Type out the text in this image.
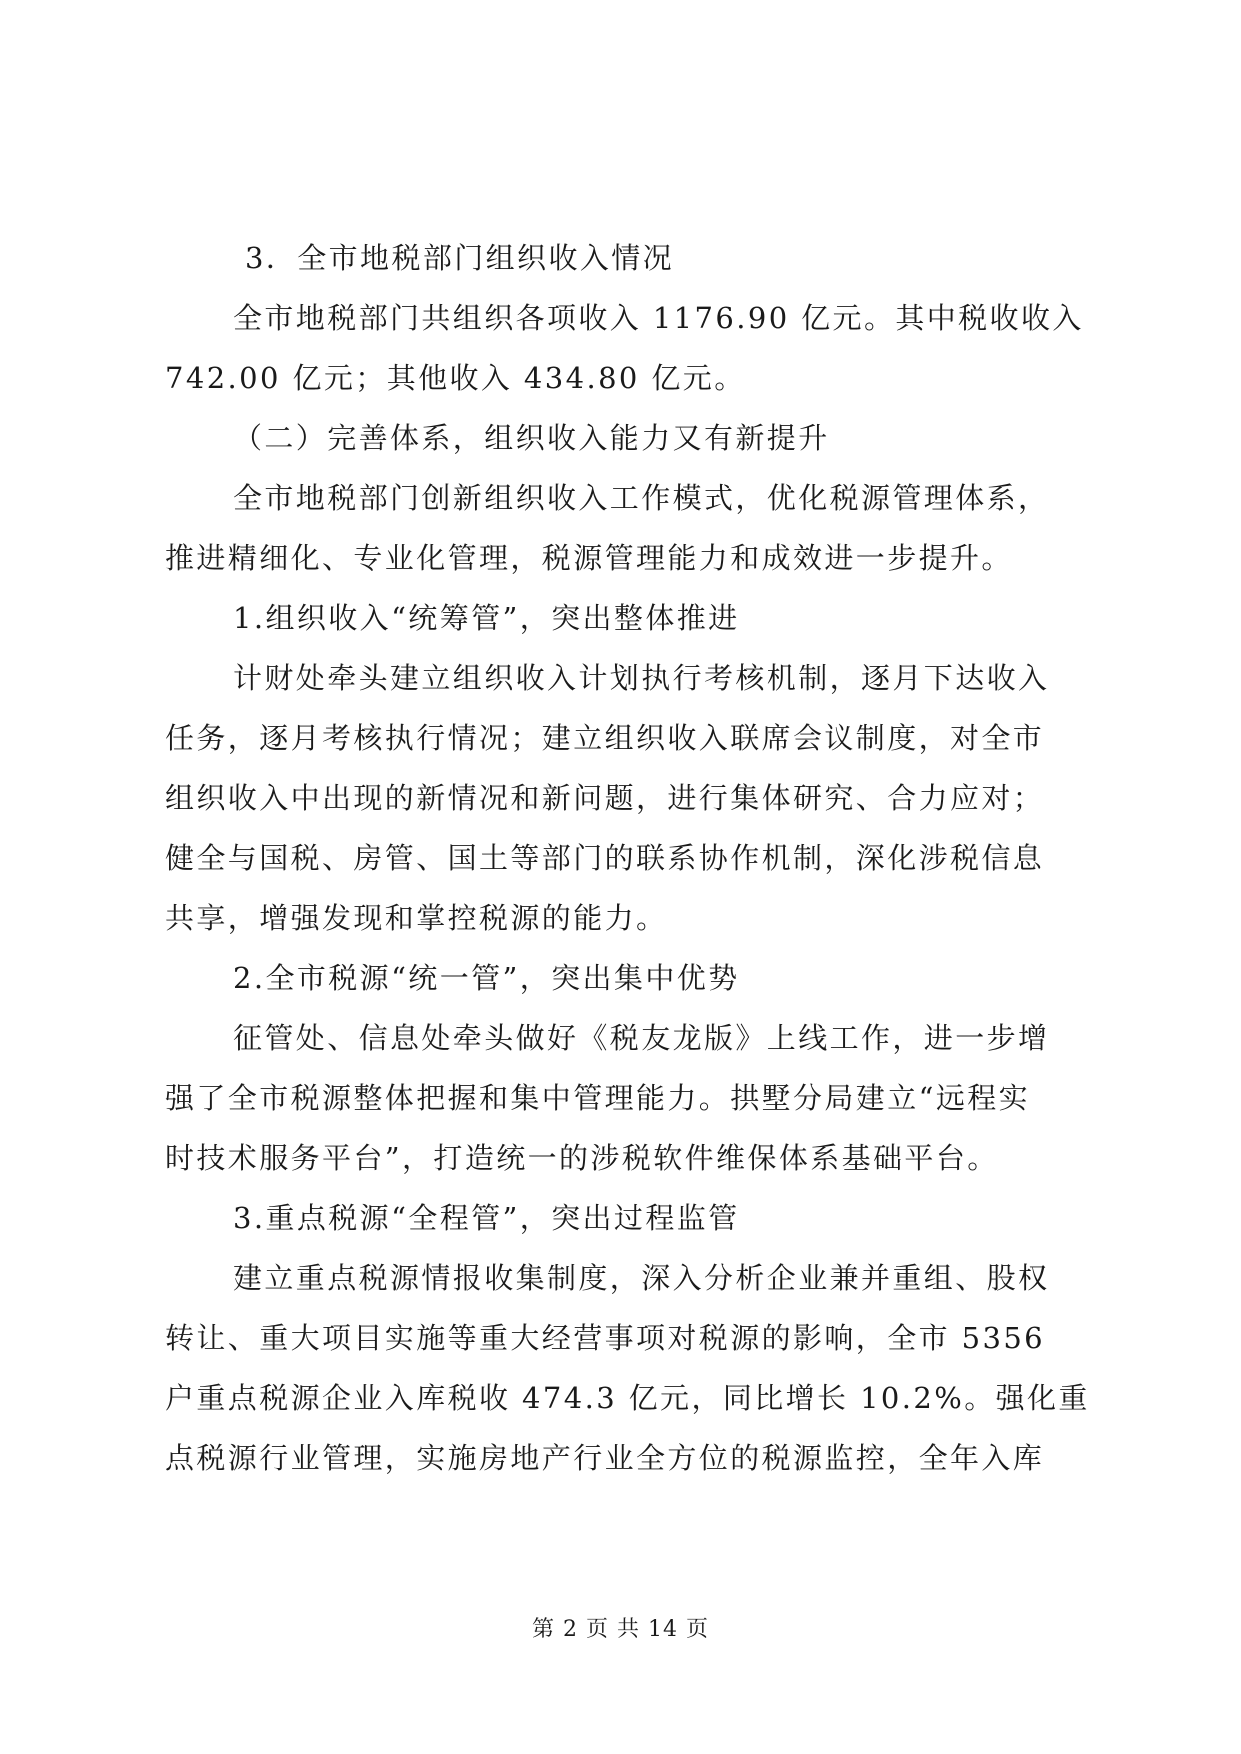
3．全市地税部门组织收入情况
全市地税部门共组织各项收入 1176.90 亿元。其中税收收入
742.00 亿元；其他收入 434.80 亿元。
（二）完善体系，组织收入能力又有新提升
全市地税部门创新组织收入工作模式，优化税源管理体系，
推进精细化、专业化管理，税源管理能力和成效进一步提升。
1.组织收入“统筹管”，突出整体推进
计财处牵头建立组织收入计划执行考核机制，逐月下达收入
任务，逐月考核执行情况；建立组织收入联席会议制度，对全市
组织收入中出现的新情况和新问题，进行集体研究、合力应对；
健全与国税、房管、国土等部门的联系协作机制，深化涉税信息
共享，增强发现和掌控税源的能力。
2.全市税源“统一管”，突出集中优势
征管处、信息处牵头做好《税友龙版》上线工作，进一步增
强了全市税源整体把握和集中管理能力。拱墅分局建立“远程实
时技术服务平台”，打造统一的涉税软件维保体系基础平台。
3.重点税源“全程管”，突出过程监管
建立重点税源情报收集制度，深入分析企业兼并重组、股权
转让、重大项目实施等重大经营事项对税源的影响，全市 5356
户重点税源企业入库税收 474.3 亿元，同比增长 10.2%。强化重
点税源行业管理，实施房地产行业全方位的税源监控，全年入库
第 2 页 共 14 页
